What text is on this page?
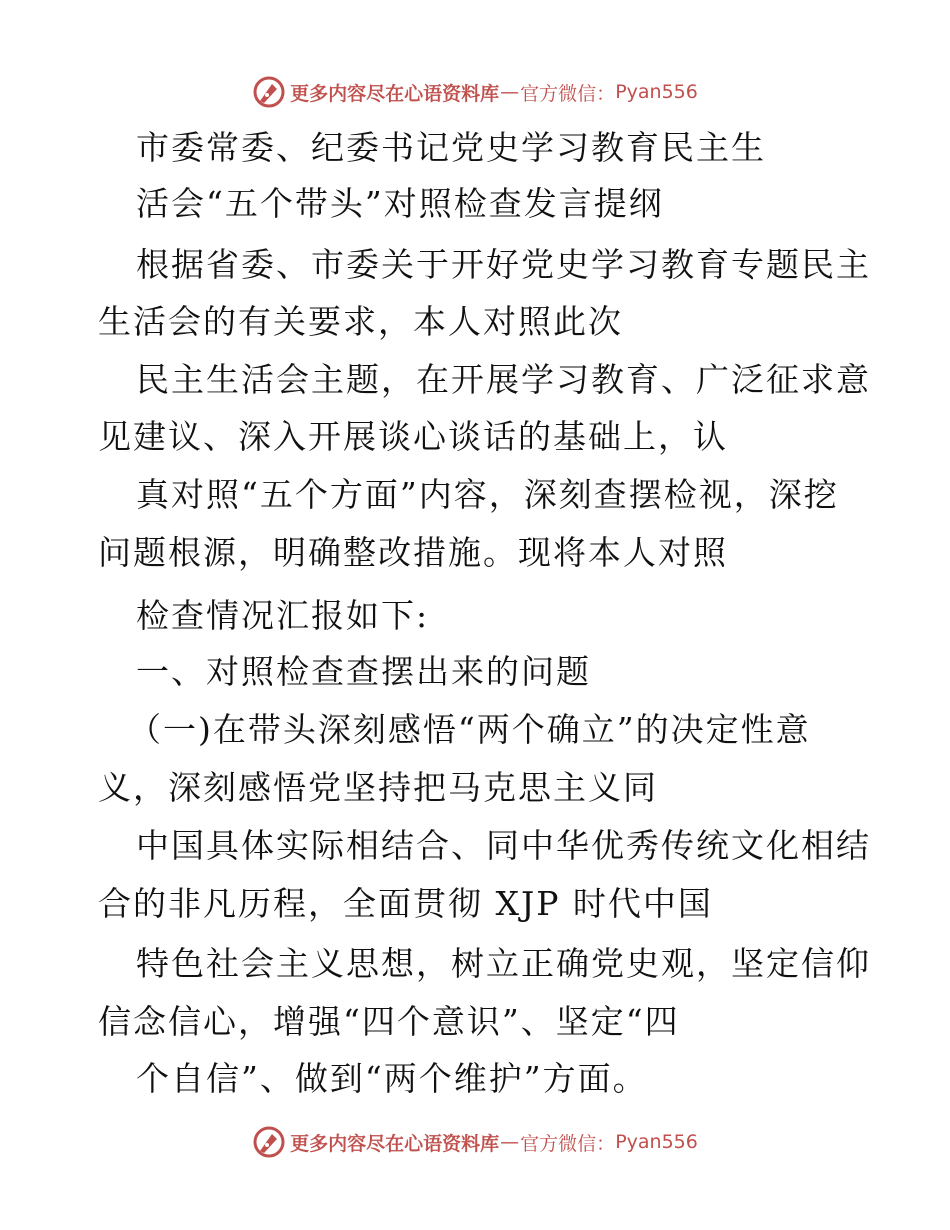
更多内容尽在心语资料库 — 官方微信： Pyan556
市委常委、纪委书记党史学习教育民主生
活会“五个带头”对照检查发言提纲
根据省委、市委关于开好党史学习教育专题民主
生活会的有关要求，本人对照此次
民主生活会主题，在开展学习教育、广泛征求意
见建议、深入开展谈心谈话的基础上，认
真对照“五个方面”内容，深刻查摆检视，深挖
问题根源，明确整改措施。现将本人对照
检查情况汇报如下:
一、对照检查查摆出来的问题
（一)在带头深刻感悟“两个确立”的决定性意
义，深刻感悟党坚持把马克思主义同
中国具体实际相结合、同中华优秀传统文化相结
合的非凡历程，全面贯彻 XJP 时代中国
特色社会主义思想，树立正确党史观，坚定信仰
信念信心，增强“四个意识”、坚定“四
个自信”、做到“两个维护”方面。
更多内容尽在心语资料库 — 官方微信： Pyan556
